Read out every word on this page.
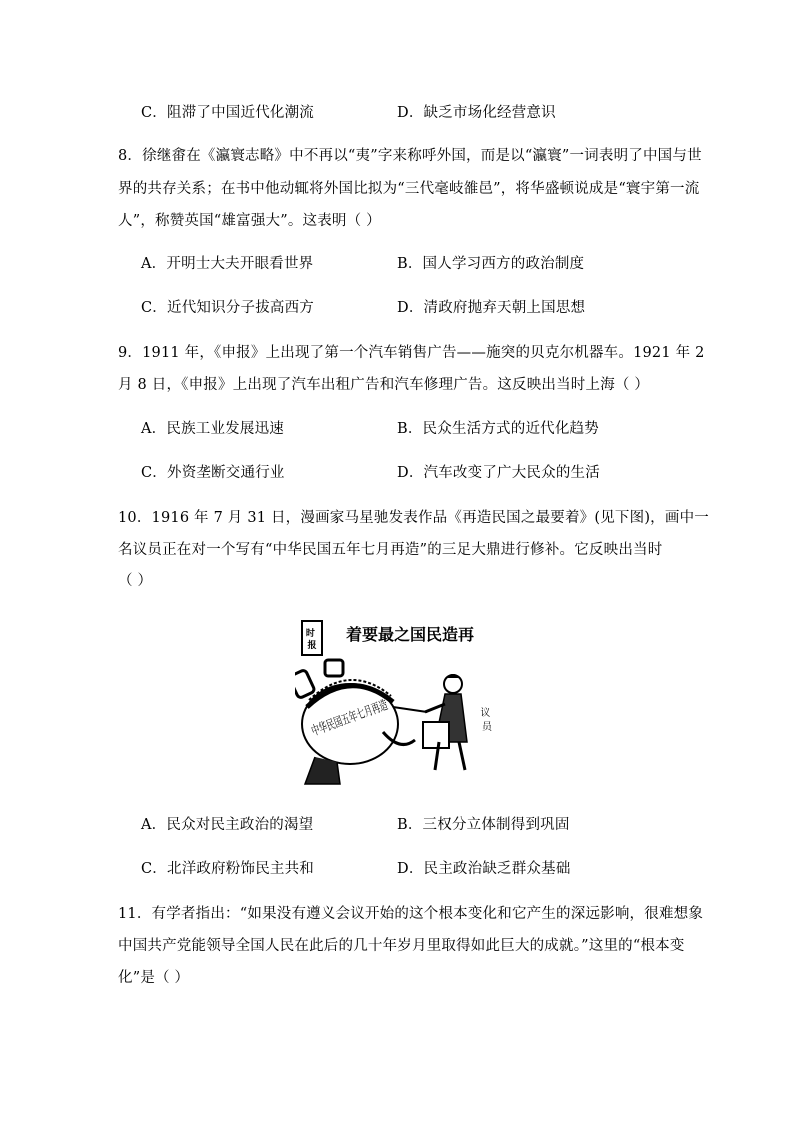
C．阻滞了中国近代化潮流	D．缺乏市场化经营意识
8．徐继畬在《瀛寰志略》中不再以“夷”字来称呼外国，而是以“瀛寰”一词表明了中国与世
界的共存关系；在书中他动辄将外国比拟为“三代毫岐雒邑”，将华盛顿说成是“寰宇第一流
人”，称赞英国“雄富强大”。这表明（ ）
A．开明士大夫开眼看世界	B．国人学习西方的政治制度
C．近代知识分子拔高西方	D．清政府抛弃天朝上国思想
9．1911 年，《申报》上出现了第一个汽车销售广告——施突的贝克尔机器车。1921 年 2
月 8 日，《申报》上出现了汽车出租广告和汽车修理广告。这反映出当时上海（ ）
A．民族工业发展迅速	B．民众生活方式的近代化趋势
C．外资垄断交通行业	D．汽车改变了广大民众的生活
10．1916 年 7 月 31 日，漫画家马星驰发表作品《再造民国之最要着》(见下图)，画中一
名议员正在对一个写有“中华民国五年七月再造”的三足大鼎进行修补。它反映出当时
（ ）
时 报
着要最之国民造再
中华民国五年七月再造	议 员
A．民众对民主政治的渴望	B．三权分立体制得到巩固
C．北洋政府粉饰民主共和	D．民主政治缺乏群众基础
11．有学者指出：“如果没有遵义会议开始的这个根本变化和它产生的深远影响，很难想象
中国共产党能领导全国人民在此后的几十年岁月里取得如此巨大的成就。”这里的“根本变
化”是（ ）
